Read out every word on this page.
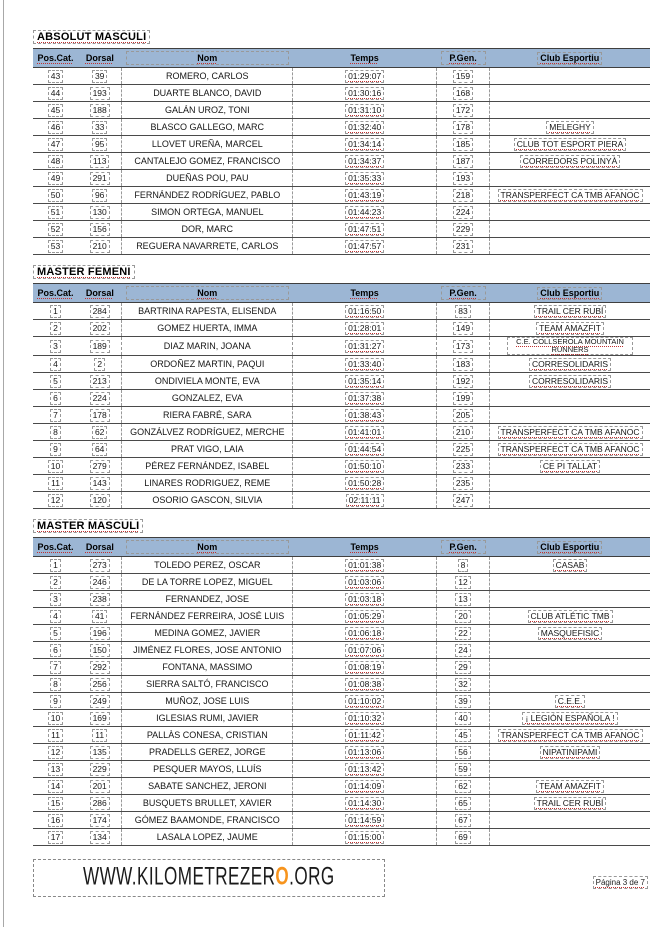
ABSOLUT MASCULI
Pos.Cat.	Dorsal	Nom	Temps	P.Gen.	Club Esportiu
43	39	ROMERO, CARLOS	01:29:07	159	
44	193	DUARTE BLANCO, DAVID	01:30:16	168	
45	188	GALÁN UROZ, TONI	01:31:10	172	
46	33	BLASCO GALLEGO, MARC	01:32:40	178	MELEGHY
47	95	LLOVET UREÑA, MARCEL	01:34:14	185	CLUB TOT ESPORT PIERA
48	113	CANTALEJO GOMEZ, FRANCISCO	01:34:37	187	CORREDORS POLINYÀ
49	291	DUEÑAS POU, PAU	01:35:33	193	
50	96	FERNÁNDEZ RODRÍGUEZ, PABLO	01:43:19	218	TRANSPERFECT CA TMB AFANOC
51	130	SIMON ORTEGA, MANUEL	01:44:23	224	
52	156	DOR, MARC	01:47:51	229	
53	210	REGUERA NAVARRETE, CARLOS	01:47:57	231	
MASTER FEMENI
Pos.Cat.	Dorsal	Nom	Temps	P.Gen.	Club Esportiu
1	284	BARTRINA RAPESTA, ELISENDA	01:16:50	83	TRAIL CER RUBÍ
2	202	GOMEZ HUERTA, IMMA	01:28:01	149	TEAM AMAZFIT
3	189	DIAZ MARIN, JOANA	01:31:27	173	C.E. COLLSEROLA MOUNTAIN RUNNERS
4	2	ORDOÑEZ MARTIN, PAQUI	01:33:40	183	CORRESOLIDARIS
5	213	ONDIVIELA MONTE, EVA	01:35:14	192	CORRESOLIDARIS
6	224	GONZALEZ, EVA	01:37:38	199	
7	178	RIERA FABRÉ, SARA	01:38:43	205	
8	62	GONZÁLVEZ RODRÍGUEZ, MERCHE	01:41:01	210	TRANSPERFECT CA TMB AFANOC
9	64	PRAT VIGO, LAIA	01:44:54	225	TRANSPERFECT CA TMB AFANOC
10	279	PÉREZ FERNÁNDEZ, ISABEL	01:50:10	233	CE PI TALLAT
11	143	LINARES RODRIGUEZ, REME	01:50:28	235	
12	120	OSORIO GASCON, SILVIA	02:11:11	247	
MASTER MASCULI
Pos.Cat.	Dorsal	Nom	Temps	P.Gen.	Club Esportiu
1	273	TOLEDO PEREZ, OSCAR	01:01:38	8	CASAB
2	246	DE LA TORRE LOPEZ, MIGUEL	01:03:06	12	
3	238	FERNANDEZ, JOSE	01:03:18	13	
4	41	FERNÁNDEZ FERREIRA, JOSÉ LUIS	01:05:29	20	CLUB ATLÉTIC TMB
5	196	MEDINA GOMEZ, JAVIER	01:06:18	22	MASQUEFISIC
6	150	JIMÉNEZ FLORES, JOSE ANTONIO	01:07:06	24	
7	292	FONTANA, MASSIMO	01:08:19	29	
8	256	SIERRA SALTÓ, FRANCISCO	01:08:38	32	
9	249	MUÑOZ, JOSE LUIS	01:10:02	39	C.E.E.
10	169	IGLESIAS RUMI, JAVIER	01:10:32	40	¡ LEGIÓN ESPAÑOLA !
11	11	PALLÀS CONESA, CRISTIAN	01:11:42	45	TRANSPERFECT CA TMB AFANOC
12	135	PRADELLS GEREZ, JORGE	01:13:06	56	NIPATINIPAMI
13	229	PESQUER MAYOS, LLUÍS	01:13:42	59	
14	201	SABATE SANCHEZ, JERONI	01:14:09	62	TEAM AMAZFIT
15	286	BUSQUETS BRULLET, XAVIER	01:14:30	65	TRAIL CER RUBÍ
16	174	GÓMEZ BAAMONDE, FRANCISCO	01:14:59	67	
17	134	LASALA LOPEZ, JAUME	01:15:00	69	
WWW.KILOMETREZERO.ORG	Página 3 de 7
